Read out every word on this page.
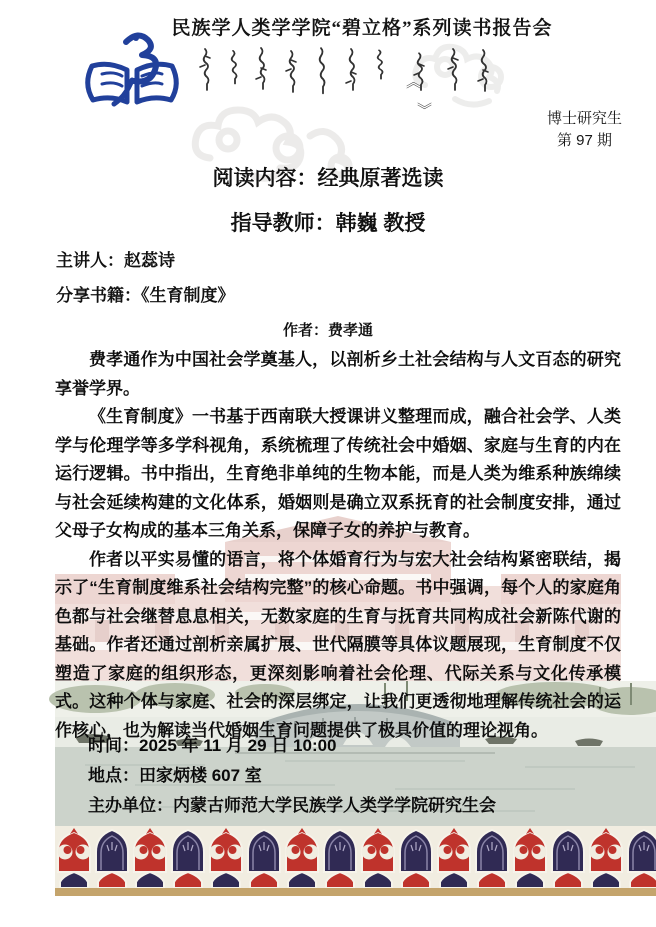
民族学人类学学院“碧立格”系列读书报告会
《
》
博士研究生
第 97 期
阅读内容：经典原著选读
指导教师：韩巍 教授
主讲人：赵蕊诗
分享书籍：《生育制度》
作者：费孝通

费孝通作为中国社会学奠基人，以剖析乡土社会结构与人文百态的研究享誉学界。

《生育制度》一书基于西南联大授课讲义整理而成，融合社会学、人类学与伦理学等多学科视角，系统梳理了传统社会中婚姻、家庭与生育的内在运行逻辑。书中指出，生育绝非单纯的生物本能，而是人类为维系种族绵续与社会延续构建的文化体系，婚姻则是确立双系抚育的社会制度安排，通过父母子女构成的基本三角关系，保障子女的养护与教育。

作者以平实易懂的语言，将个体婚育行为与宏大社会结构紧密联结，揭示了“生育制度维系社会结构完整”的核心命题。书中强调，每个人的家庭角色都与社会继替息息相关，无数家庭的生育与抚育共同构成社会新陈代谢的基础。作者还通过剖析亲属扩展、世代隔膜等具体议题展现，生育制度不仅塑造了家庭的组织形态，更深刻影响着社会伦理、代际关系与文化传承模式。这种个体与家庭、社会的深层绑定，让我们更透彻地理解传统社会的运作核心，也为解读当代婚姻生育问题提供了极具价值的理论视角。

时间：2025 年 11 月 29 日 10:00
地点：田家炳楼 607 室
主办单位：内蒙古师范大学民族学人类学学院研究生会
